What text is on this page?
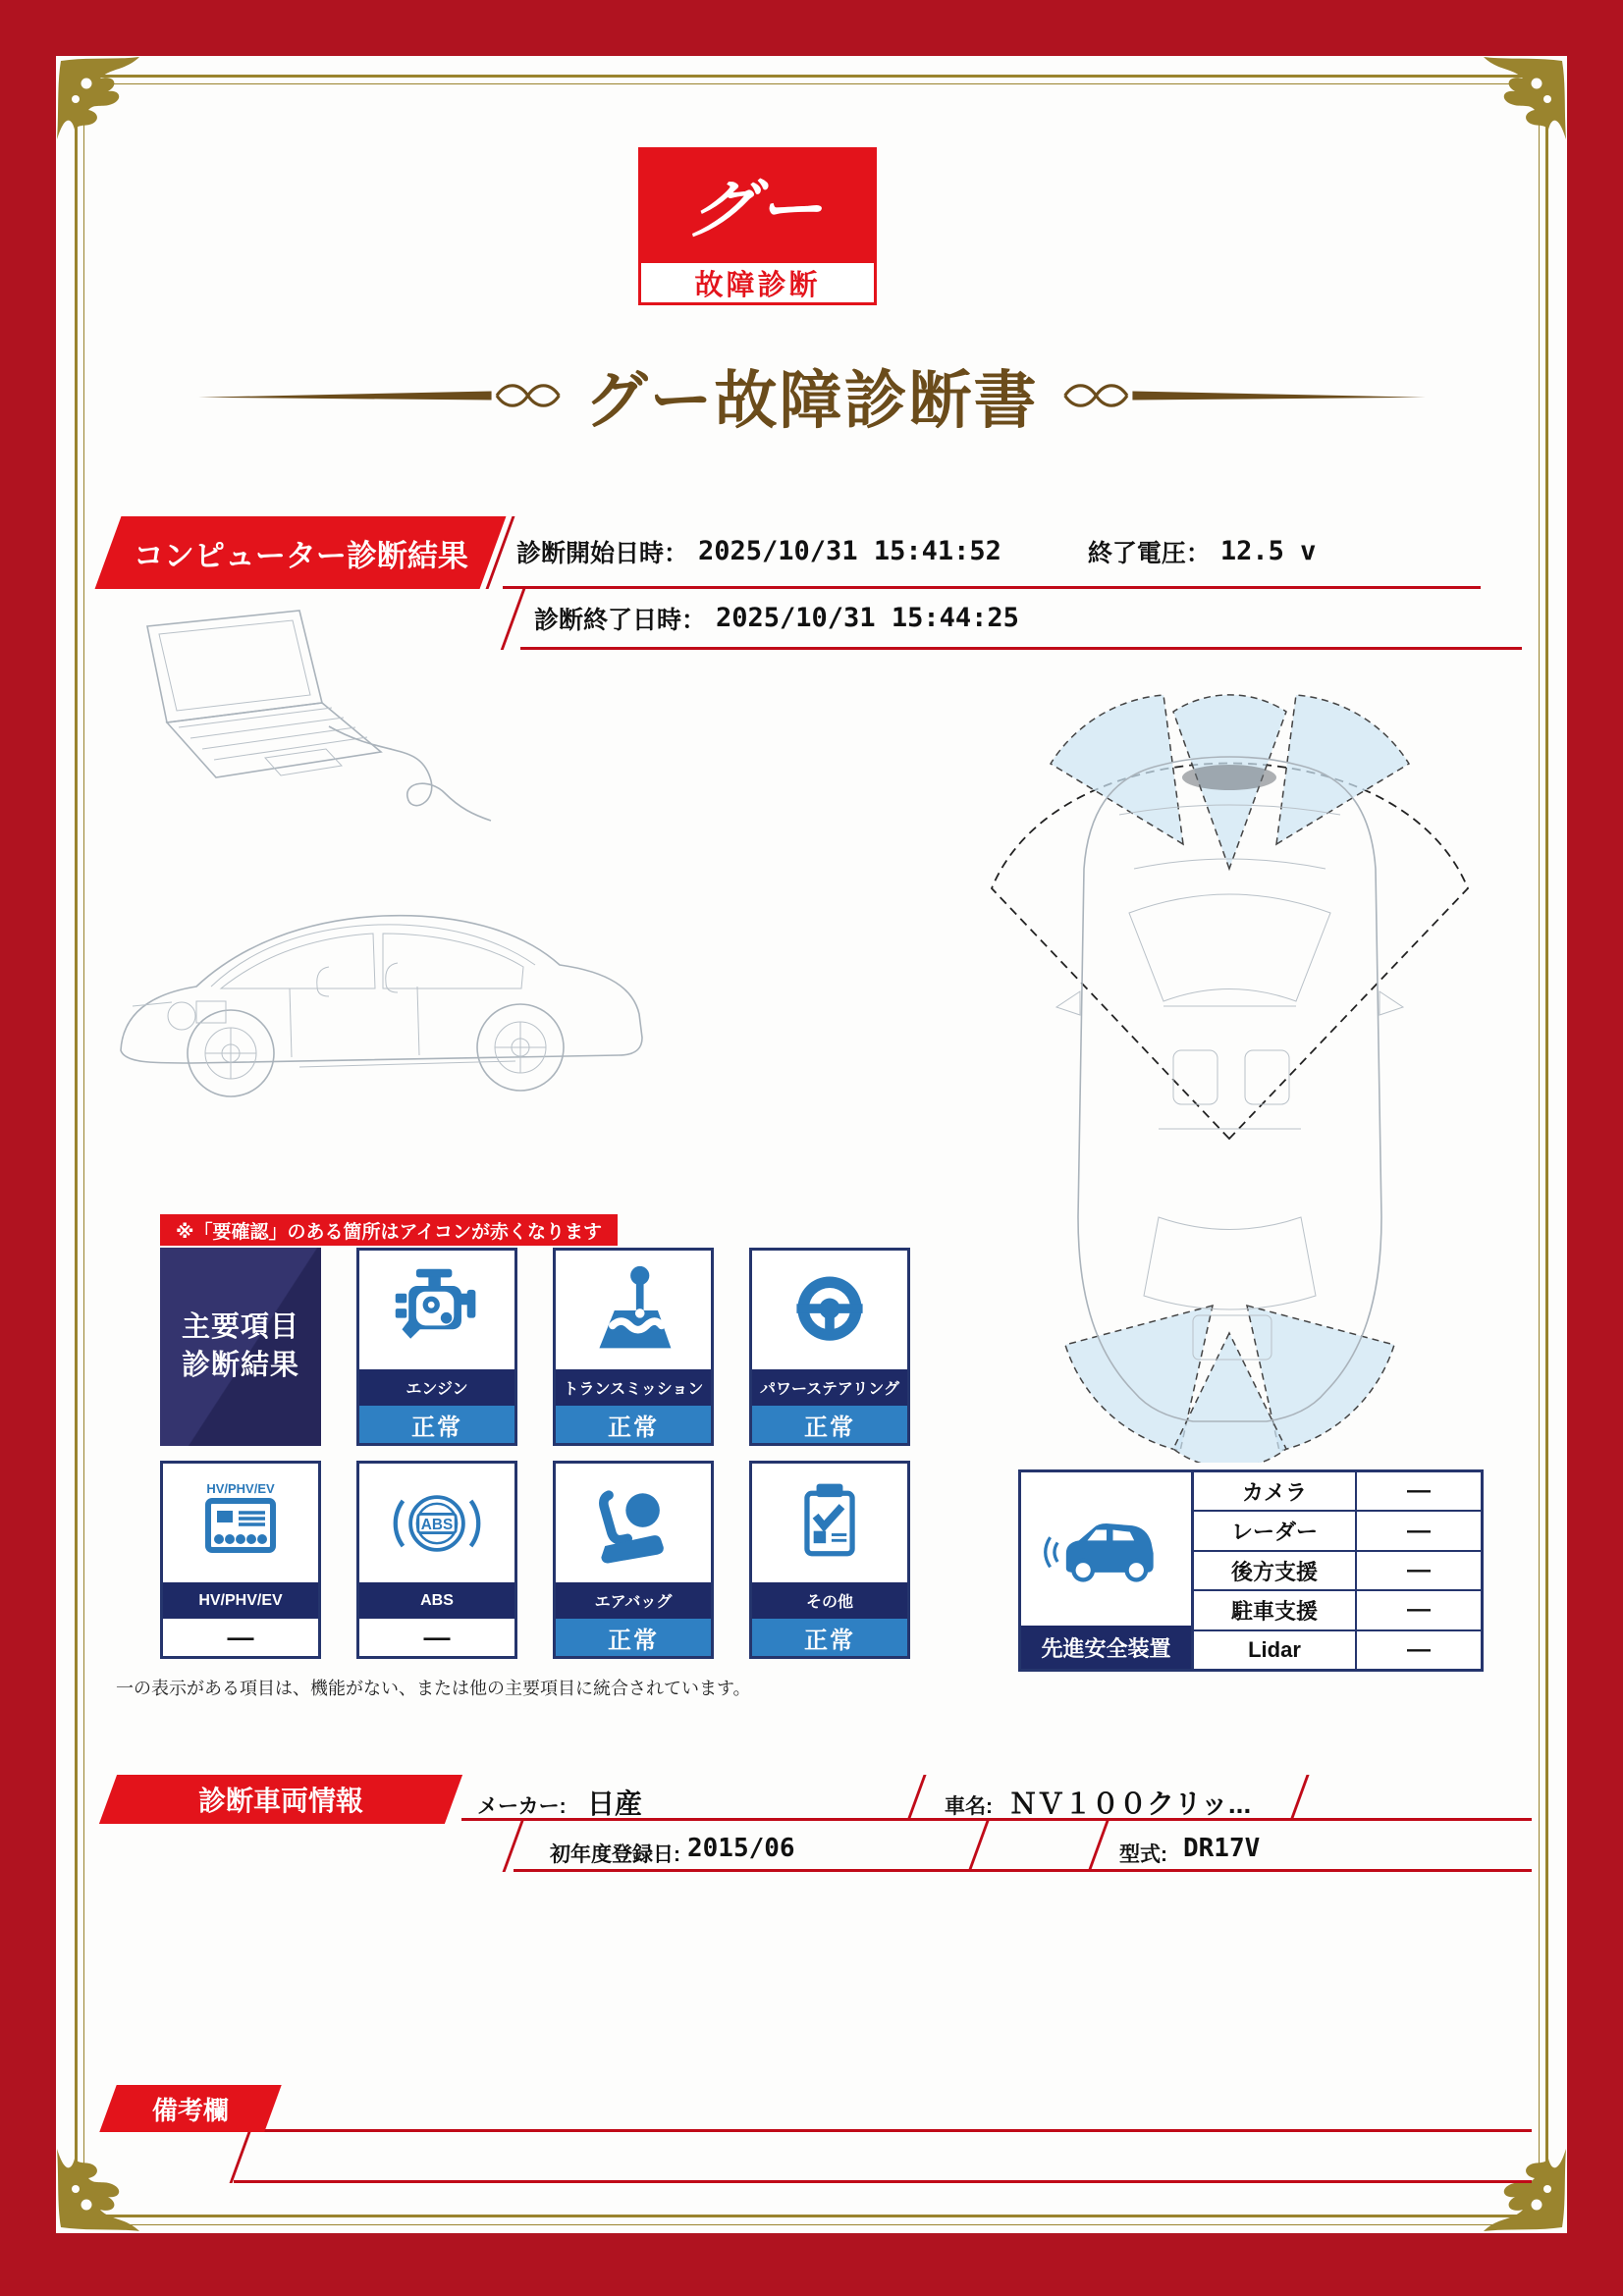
グー
故障診断
グー故障診断書
コンピューター診断結果 診断開始日時： 2025/10/31 15:41:52	終了電圧： 12.5 v
診断終了日時： 2025/10/31 15:44:25
※「要確認」のある箇所はアイコンが赤くなります
主要項目
診断結果
エンジン
正常
トランスミッション
正常
パワーステアリング
正常
HV/PHV/EV
HV/PHV/EV
—
ABS
ABS
—
エアバッグ
正常
その他
正常
一の表示がある項目は、機能がない、または他の主要項目に統合されています。
先進安全装置
カメラ	—
レーダー	—
後方支援	—
駐車支援	—
Lidar	—
診断車両情報	メーカー: 日産	車名: ＮＶ１００クリッ...
初年度登録日: 2015/06	型式: DR17V
備考欄
